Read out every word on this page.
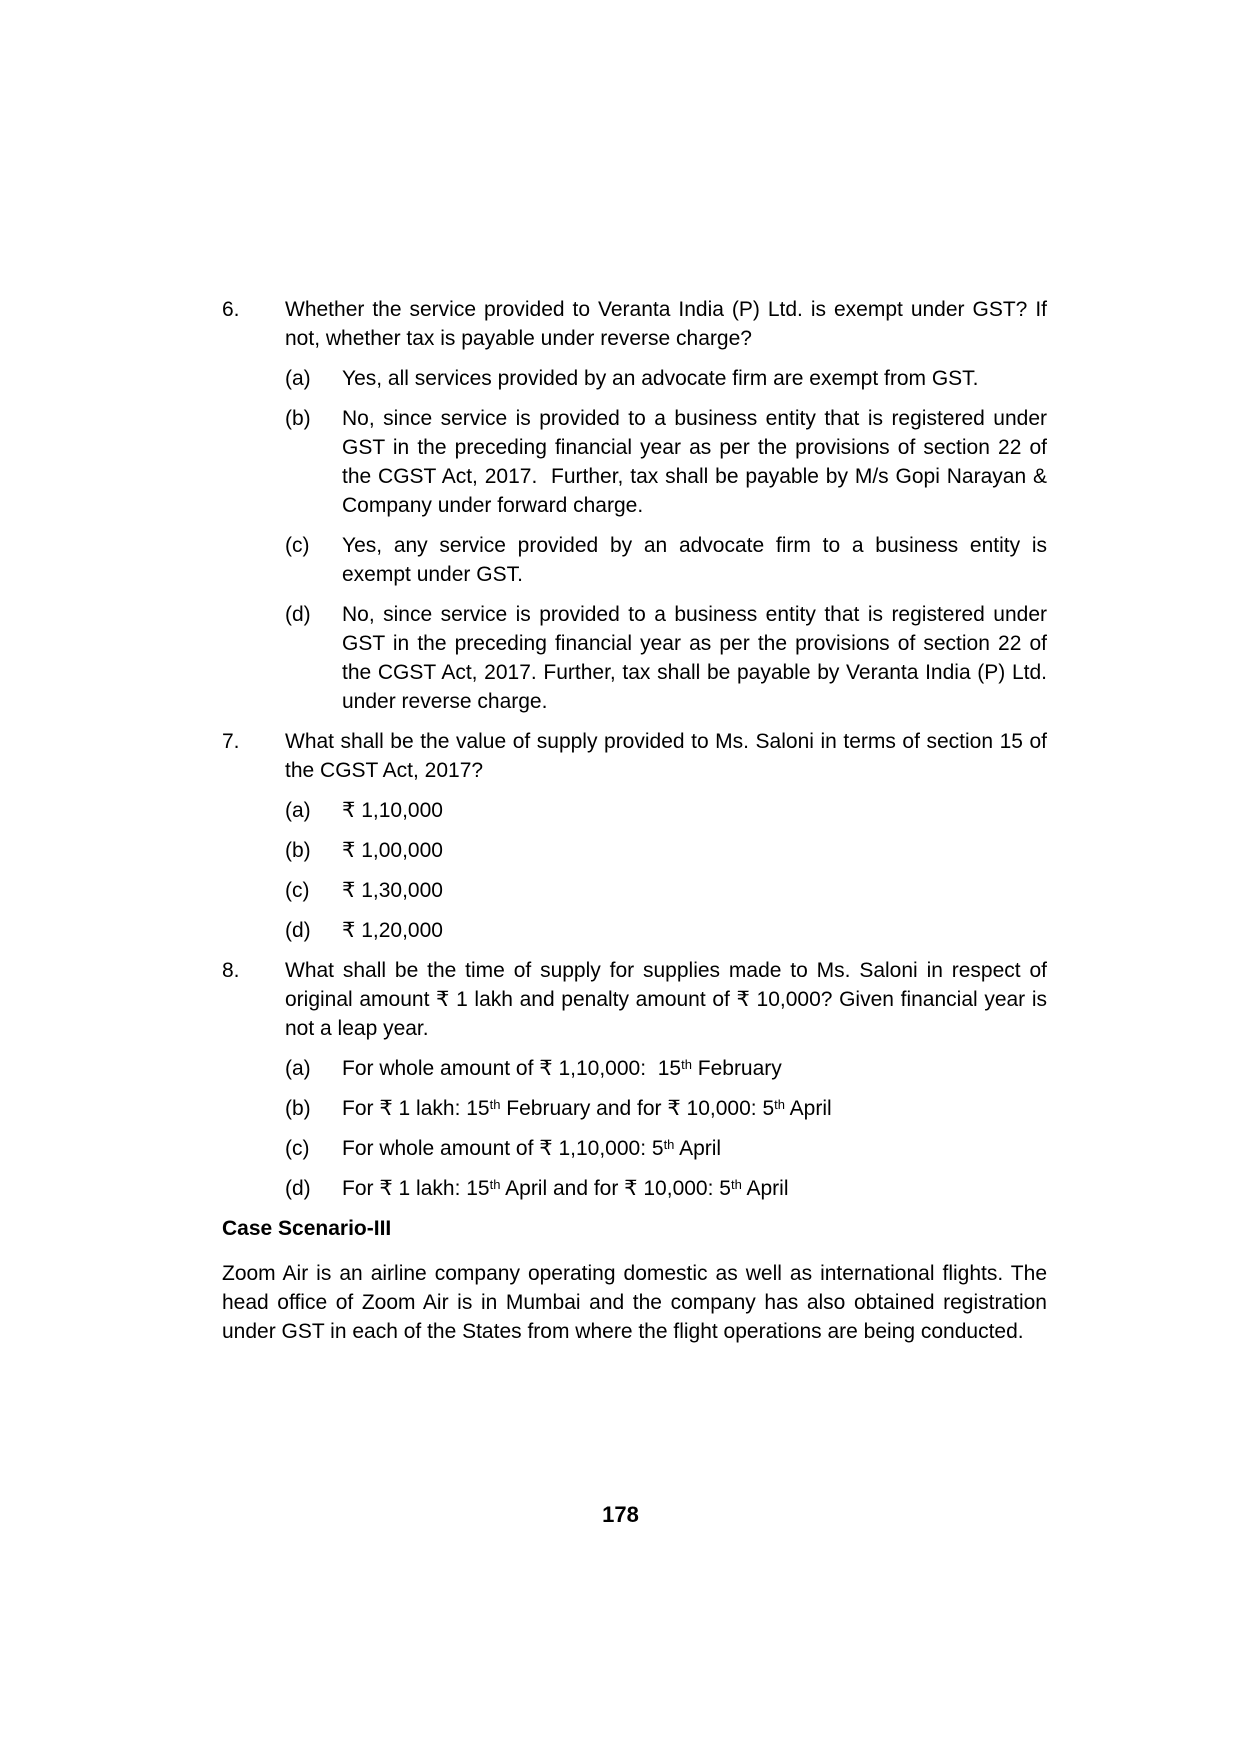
6.	Whether the service provided to Veranta India (P) Ltd. is exempt under GST? If not, whether tax is payable under reverse charge?
(a)	Yes, all services provided by an advocate firm are exempt from GST.
(b)	No, since service is provided to a business entity that is registered under GST in the preceding financial year as per the provisions of section 22 of the CGST Act, 2017.  Further, tax shall be payable by M/s Gopi Narayan & Company under forward charge.
(c)	Yes, any service provided by an advocate firm to a business entity is exempt under GST.
(d)	No, since service is provided to a business entity that is registered under GST in the preceding financial year as per the provisions of section 22 of the CGST Act, 2017. Further, tax shall be payable by Veranta India (P) Ltd. under reverse charge.
7.	What shall be the value of supply provided to Ms. Saloni in terms of section 15 of the CGST Act, 2017?
(a)	₹ 1,10,000
(b)	₹ 1,00,000
(c)	₹ 1,30,000
(d)	₹ 1,20,000
8.	What shall be the time of supply for supplies made to Ms. Saloni in respect of original amount ₹ 1 lakh and penalty amount of ₹ 10,000? Given financial year is not a leap year.
(a)	For whole amount of ₹ 1,10,000:  15th February
(b)	For ₹ 1 lakh: 15th February and for ₹ 10,000: 5th April
(c)	For whole amount of ₹ 1,10,000: 5th April
(d)	For ₹ 1 lakh: 15th April and for ₹ 10,000: 5th April
Case Scenario-III

Zoom Air is an airline company operating domestic as well as international flights. The head office of Zoom Air is in Mumbai and the company has also obtained registration under GST in each of the States from where the flight operations are being conducted.

178
